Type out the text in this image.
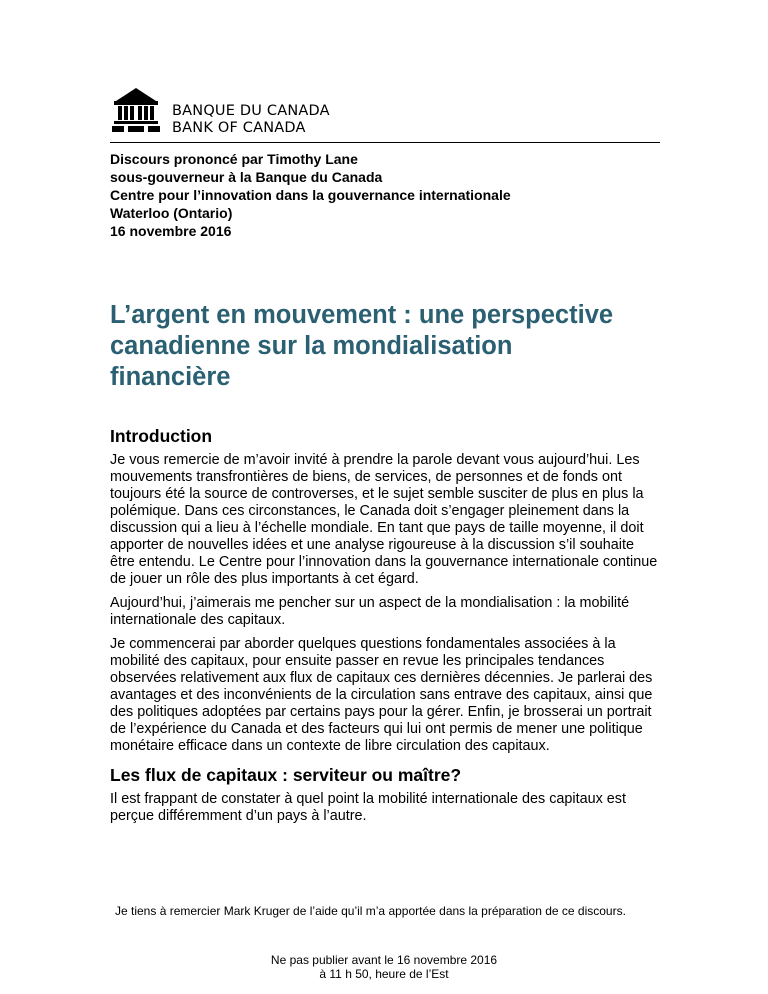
BANQUE DU CANADA
BANK OF CANADA
Discours prononcé par Timothy Lane
sous-gouverneur à la Banque du Canada
Centre pour l’innovation dans la gouvernance internationale
Waterloo (Ontario)
16 novembre 2016
L’argent en mouvement : une perspective canadienne sur la mondialisation financière
Introduction

Je vous remercie de m’avoir invité à prendre la parole devant vous aujourd’hui. Les mouvements transfrontières de biens, de services, de personnes et de fonds ont toujours été la source de controverses, et le sujet semble susciter de plus en plus la polémique. Dans ces circonstances, le Canada doit s’engager pleinement dans la discussion qui a lieu à l’échelle mondiale. En tant que pays de taille moyenne, il doit apporter de nouvelles idées et une analyse rigoureuse à la discussion s’il souhaite être entendu. Le Centre pour l’innovation dans la gouvernance internationale continue de jouer un rôle des plus importants à cet égard.

Aujourd’hui, j’aimerais me pencher sur un aspect de la mondialisation : la mobilité internationale des capitaux.

Je commencerai par aborder quelques questions fondamentales associées à la mobilité des capitaux, pour ensuite passer en revue les principales tendances observées relativement aux flux de capitaux ces dernières décennies. Je parlerai des avantages et des inconvénients de la circulation sans entrave des capitaux, ainsi que des politiques adoptées par certains pays pour la gérer. Enfin, je brosserai un portrait de l’expérience du Canada et des facteurs qui lui ont permis de mener une politique monétaire efficace dans un contexte de libre circulation des capitaux.

Les flux de capitaux : serviteur ou maître?

Il est frappant de constater à quel point la mobilité internationale des capitaux est perçue différemment d’un pays à l’autre.

Je tiens à remercier Mark Kruger de l’aide qu’il m’a apportée dans la préparation de ce discours.
Ne pas publier avant le 16 novembre 2016
à 11 h 50, heure de l’Est
